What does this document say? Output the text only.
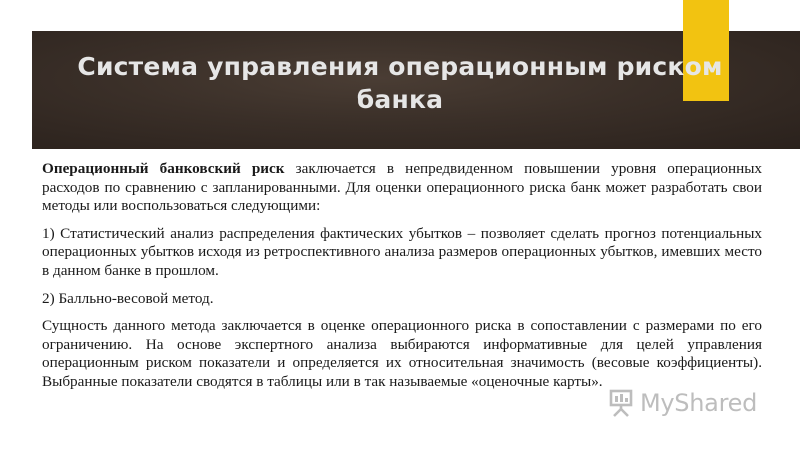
Система управления операционным риском банка

Операционный банковский риск заключается в непредвиденном повышении уровня операционных расходов по сравнению с запланированными. Для оценки операционного риска банк может разработать свои методы или воспользоваться следующими:

1) Статистический анализ распределения фактических убытков – позволяет сделать прогноз потенциальных операционных убытков исходя из ретроспективного анализа размеров операционных убытков, имевших место в данном банке в прошлом.

2) Балльно-весовой метод.

Сущность данного метода заключается в оценке операционного риска в сопоставлении с размерами по его ограничению. На основе экспертного анализа выбираются информативные для целей управления операционным риском показатели и определяется их относительная значимость (весовые коэффициенты). Выбранные показатели сводятся в таблицы или в так называемые «оценочные карты».

MyShared
